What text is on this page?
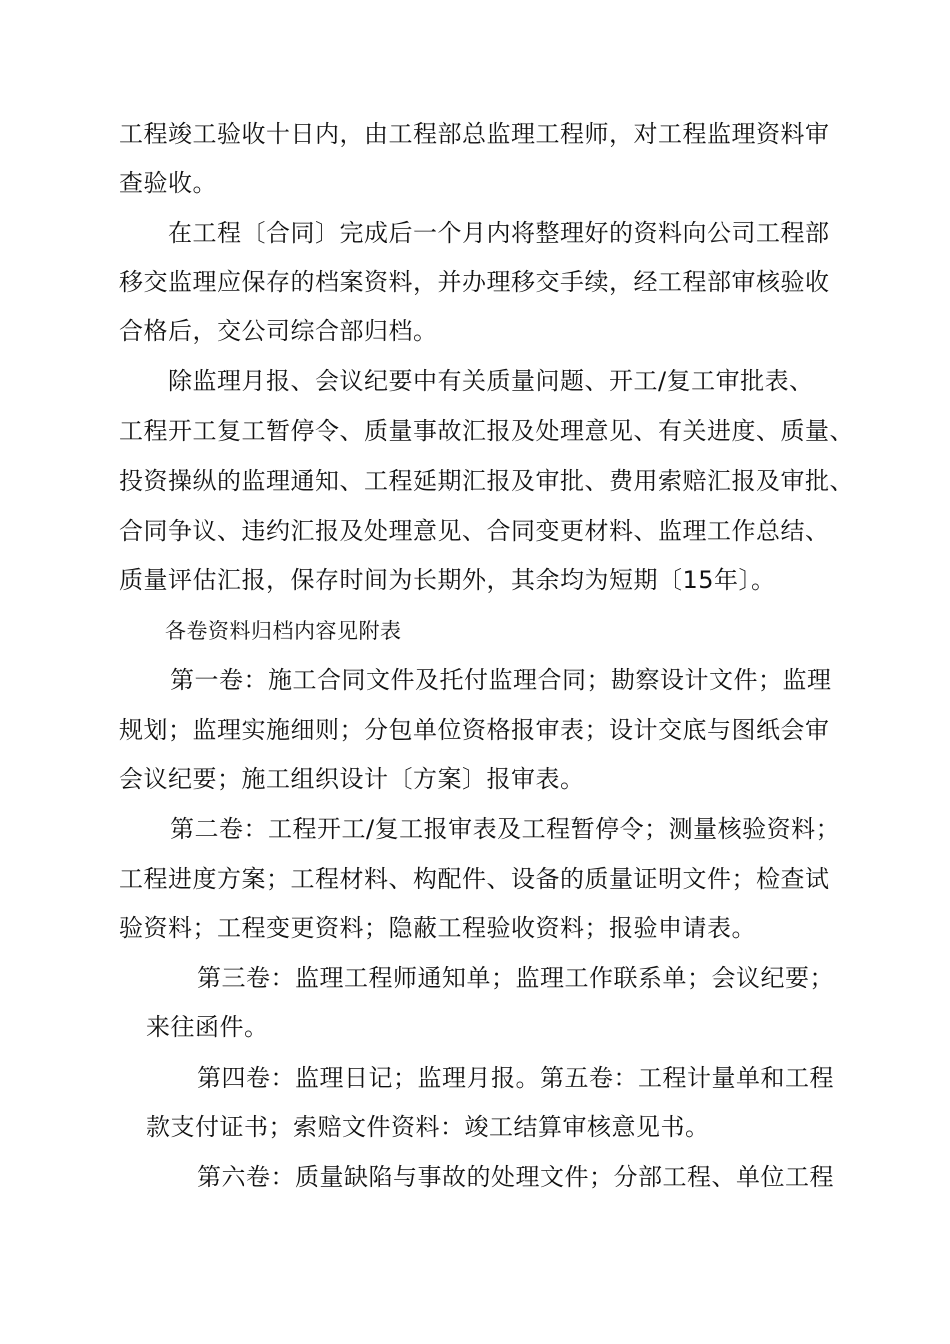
工程竣工验收十日内，由工程部总监理工程师，对工程监理资料审
查验收。
在工程〔合同〕完成后一个月内将整理好的资料向公司工程部
移交监理应保存的档案资料，并办理移交手续，经工程部审核验收
合格后，交公司综合部归档。
除监理月报、会议纪要中有关质量问题、开工/复工审批表、
工程开工复工暂停令、质量事故汇报及处理意见、有关进度、质量、
投资操纵的监理通知、工程延期汇报及审批、费用索赔汇报及审批、
合同争议、违约汇报及处理意见、合同变更材料、监理工作总结、
质量评估汇报，保存时间为长期外，其余均为短期〔15年〕。
各卷资料归档内容见附表
第一卷：施工合同文件及托付监理合同；勘察设计文件；监理
规划；监理实施细则；分包单位资格报审表；设计交底与图纸会审
会议纪要；施工组织设计〔方案〕报审表。
第二卷：工程开工/复工报审表及工程暂停令；测量核验资料；
工程进度方案；工程材料、构配件、设备的质量证明文件；检查试
验资料；工程变更资料；隐蔽工程验收资料；报验申请表。
第三卷：监理工程师通知单；监理工作联系单；会议纪要；
来往函件。
第四卷：监理日记；监理月报。第五卷：工程计量单和工程
款支付证书；索赔文件资料：竣工结算审核意见书。
第六卷：质量缺陷与事故的处理文件；分部工程、单位工程
